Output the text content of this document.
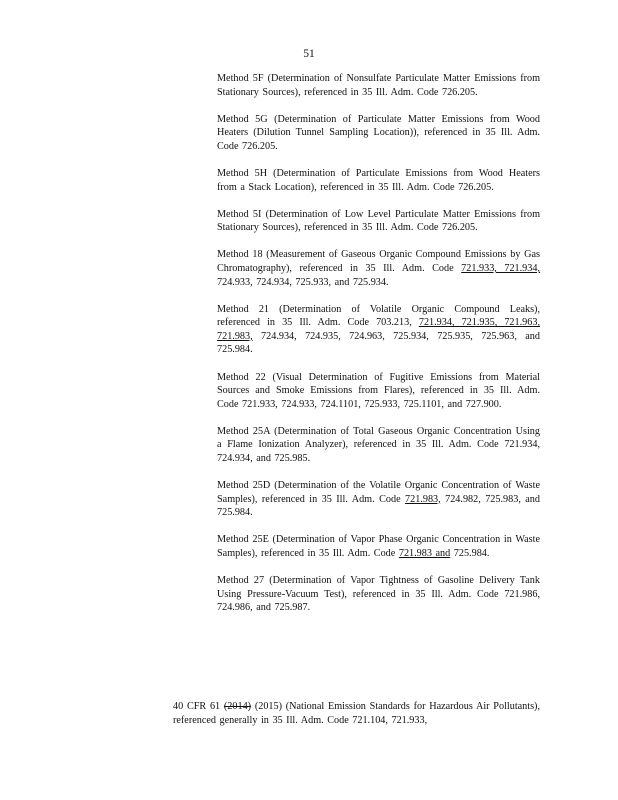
51

Method 5F (Determination of Nonsulfate Particulate Matter Emissions from Stationary Sources), referenced in 35 Ill. Adm. Code 726.205.

Method 5G (Determination of Particulate Matter Emissions from Wood Heaters (Dilution Tunnel Sampling Location)), referenced in 35 Ill. Adm. Code 726.205.

Method 5H (Determination of Particulate Emissions from Wood Heaters from a Stack Location), referenced in 35 Ill. Adm. Code 726.205.

Method 5I (Determination of Low Level Particulate Matter Emissions from Stationary Sources), referenced in 35 Ill. Adm. Code 726.205.

Method 18 (Measurement of Gaseous Organic Compound Emissions by Gas Chromatography), referenced in 35 Ill. Adm. Code 721.933, 721.934, 724.933, 724.934, 725.933, and 725.934.

Method 21 (Determination of Volatile Organic Compound Leaks), referenced in 35 Ill. Adm. Code 703.213, 721.934, 721.935, 721.963, 721.983, 724.934, 724.935, 724.963, 725.934, 725.935, 725.963, and 725.984.

Method 22 (Visual Determination of Fugitive Emissions from Material Sources and Smoke Emissions from Flares), referenced in 35 Ill. Adm. Code 721.933, 724.933, 724.1101, 725.933, 725.1101, and 727.900.

Method 25A (Determination of Total Gaseous Organic Concentration Using a Flame Ionization Analyzer), referenced in 35 Ill. Adm. Code 721.934, 724.934, and 725.985.

Method 25D (Determination of the Volatile Organic Concentration of Waste Samples), referenced in 35 Ill. Adm. Code 721.983, 724.982, 725.983, and 725.984.

Method 25E (Determination of Vapor Phase Organic Concentration in Waste Samples), referenced in 35 Ill. Adm. Code 721.983 and 725.984.

Method 27 (Determination of Vapor Tightness of Gasoline Delivery Tank Using Pressure-Vacuum Test), referenced in 35 Ill. Adm. Code 721.986, 724.986, and 725.987.

40 CFR 61 (2014) (2015) (National Emission Standards for Hazardous Air Pollutants), referenced generally in 35 Ill. Adm. Code 721.104, 721.933,
